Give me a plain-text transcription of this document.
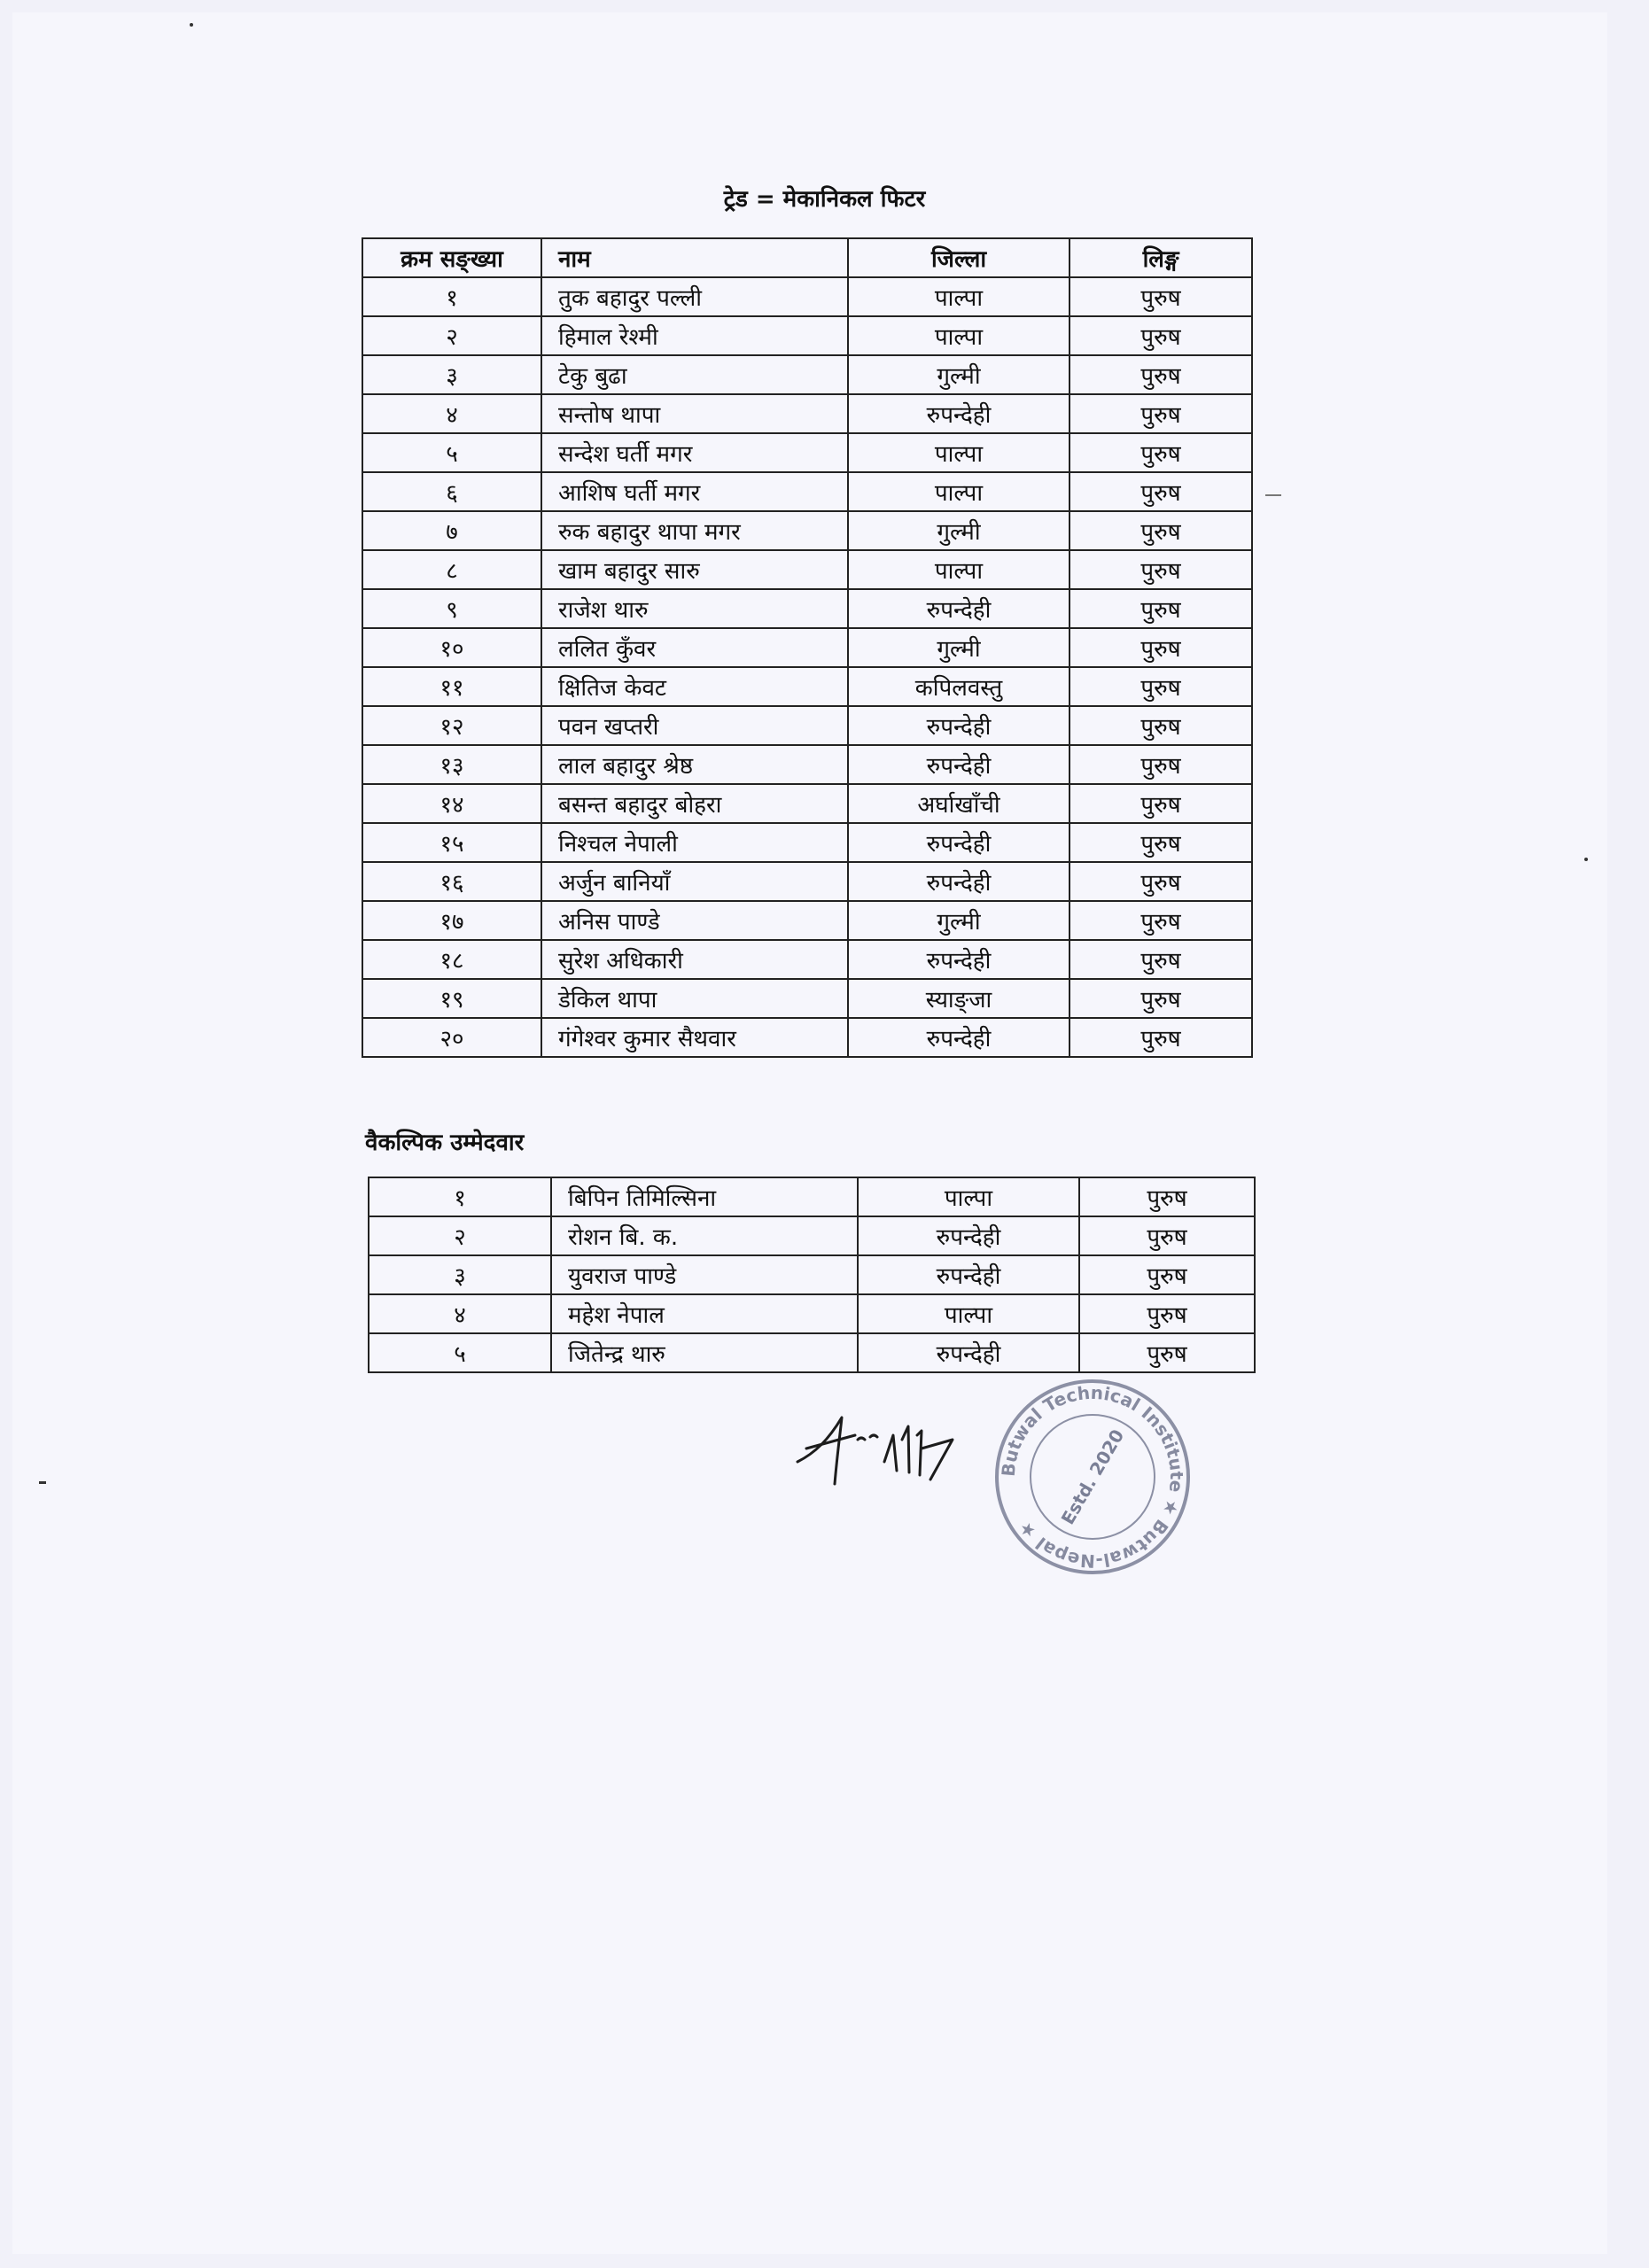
ट्रेड = मेकानिकल फिटर
क्रम सङ्ख्या	नाम	जिल्ला	लिङ्ग
१	तुक बहादुर पल्ली	पाल्पा	पुरुष
२	हिमाल रेश्मी	पाल्पा	पुरुष
३	टेकु बुढा	गुल्मी	पुरुष
४	सन्तोष थापा	रुपन्देही	पुरुष
५	सन्देश घर्ती मगर	पाल्पा	पुरुष
६	आशिष घर्ती मगर	पाल्पा	पुरुष
७	रुक बहादुर थापा मगर	गुल्मी	पुरुष
८	खाम बहादुर सारु	पाल्पा	पुरुष
९	राजेश थारु	रुपन्देही	पुरुष
१०	ललित कुँवर	गुल्मी	पुरुष
११	क्षितिज केवट	कपिलवस्तु	पुरुष
१२	पवन खप्तरी	रुपन्देही	पुरुष
१३	लाल बहादुर श्रेष्ठ	रुपन्देही	पुरुष
१४	बसन्त बहादुर बोहरा	अर्घाखाँची	पुरुष
१५	निश्चल नेपाली	रुपन्देही	पुरुष
१६	अर्जुन बानियाँ	रुपन्देही	पुरुष
१७	अनिस पाण्डे	गुल्मी	पुरुष
१८	सुरेश अधिकारी	रुपन्देही	पुरुष
१९	डेकिल थापा	स्याङ्जा	पुरुष
२०	गंगेश्वर कुमार सैथवार	रुपन्देही	पुरुष
वैकल्पिक उम्मेदवार
१	बिपिन तिमिल्सिना	पाल्पा	पुरुष
२	रोशन बि. क.	रुपन्देही	पुरुष
३	युवराज पाण्डे	रुपन्देही	पुरुष
४	महेश नेपाल	पाल्पा	पुरुष
५	जितेन्द्र थारु	रुपन्देही	पुरुष
Butwal Technical Institute ★ Butwal-Nepal ★
Estd. 2020
